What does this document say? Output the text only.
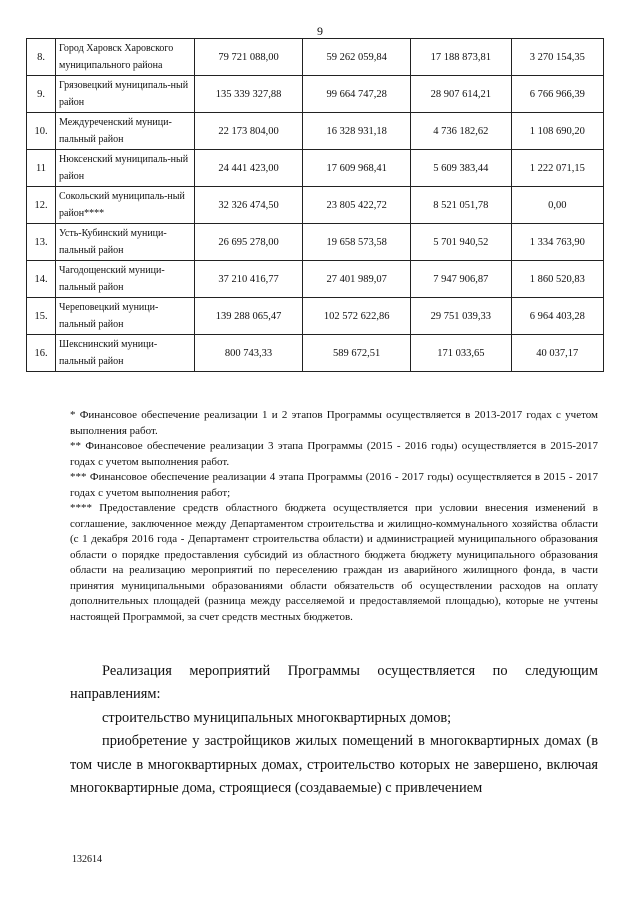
9
8.	Город Харовск Харовского муниципального района	79 721 088,00	59 262 059,84	17 188 873,81	3 270 154,35
9.	Грязовецкий муниципаль-ный район	135 339 327,88	99 664 747,28	28 907 614,21	6 766 966,39
10.	Междуреченский муници-пальный район	22 173 804,00	16 328 931,18	4 736 182,62	1 108 690,20
11	Нюксенский муниципаль-ный район	24 441 423,00	17 609 968,41	5 609 383,44	1 222 071,15
12.	Сокольский муниципаль-ный район****	32 326 474,50	23 805 422,72	8 521 051,78	0,00
13.	Усть-Кубинский муници-пальный район	26 695 278,00	19 658 573,58	5 701 940,52	1 334 763,90
14.	Чагодощенский муници-пальный район	37 210 416,77	27 401 989,07	7 947 906,87	1 860 520,83
15.	Череповецкий муници-пальный район	139 288 065,47	102 572 622,86	29 751 039,33	6 964 403,28
16.	Шекснинский муници-пальный район	800 743,33	589 672,51	171 033,65	40 037,17

* Финансовое обеспечение реализации 1 и 2 этапов Программы осуществляется в 2013-2017 годах с учетом выполнения работ.

** Финансовое обеспечение реализации 3 этапа Программы (2015 - 2016 годы) осуществляется в 2015-2017 годах с учетом выполнения работ.

*** Финансовое обеспечение реализации 4 этапа Программы (2016 - 2017 годы) осуществляется в 2015 - 2017 годах с учетом выполнения работ;

**** Предоставление средств областного бюджета осуществляется при условии внесения изменений в соглашение, заключенное между Департаментом строительства и жилищно-коммунального хозяйства области (с 1 декабря 2016 года - Департамент строительства области) и администрацией муниципального образования области о порядке предоставления субсидий из областного бюджета бюджету муниципального образования области на реализацию мероприятий по переселению граждан из аварийного жилищного фонда, в части принятия муниципальными образованиями области обязательств об осуществлении расходов на оплату дополнительных площадей (разница между расселяемой и предоставляемой площадью), которые не учтены настоящей Программой, за счет средств местных бюджетов.

Реализация мероприятий Программы осуществляется по следующим направлениям:

строительство муниципальных многоквартирных домов;

приобретение у застройщиков жилых помещений в многоквартирных домах (в том числе в многоквартирных домах, строительство которых не завершено, включая многоквартирные дома, строящиеся (создаваемые) с привлечением

132614
